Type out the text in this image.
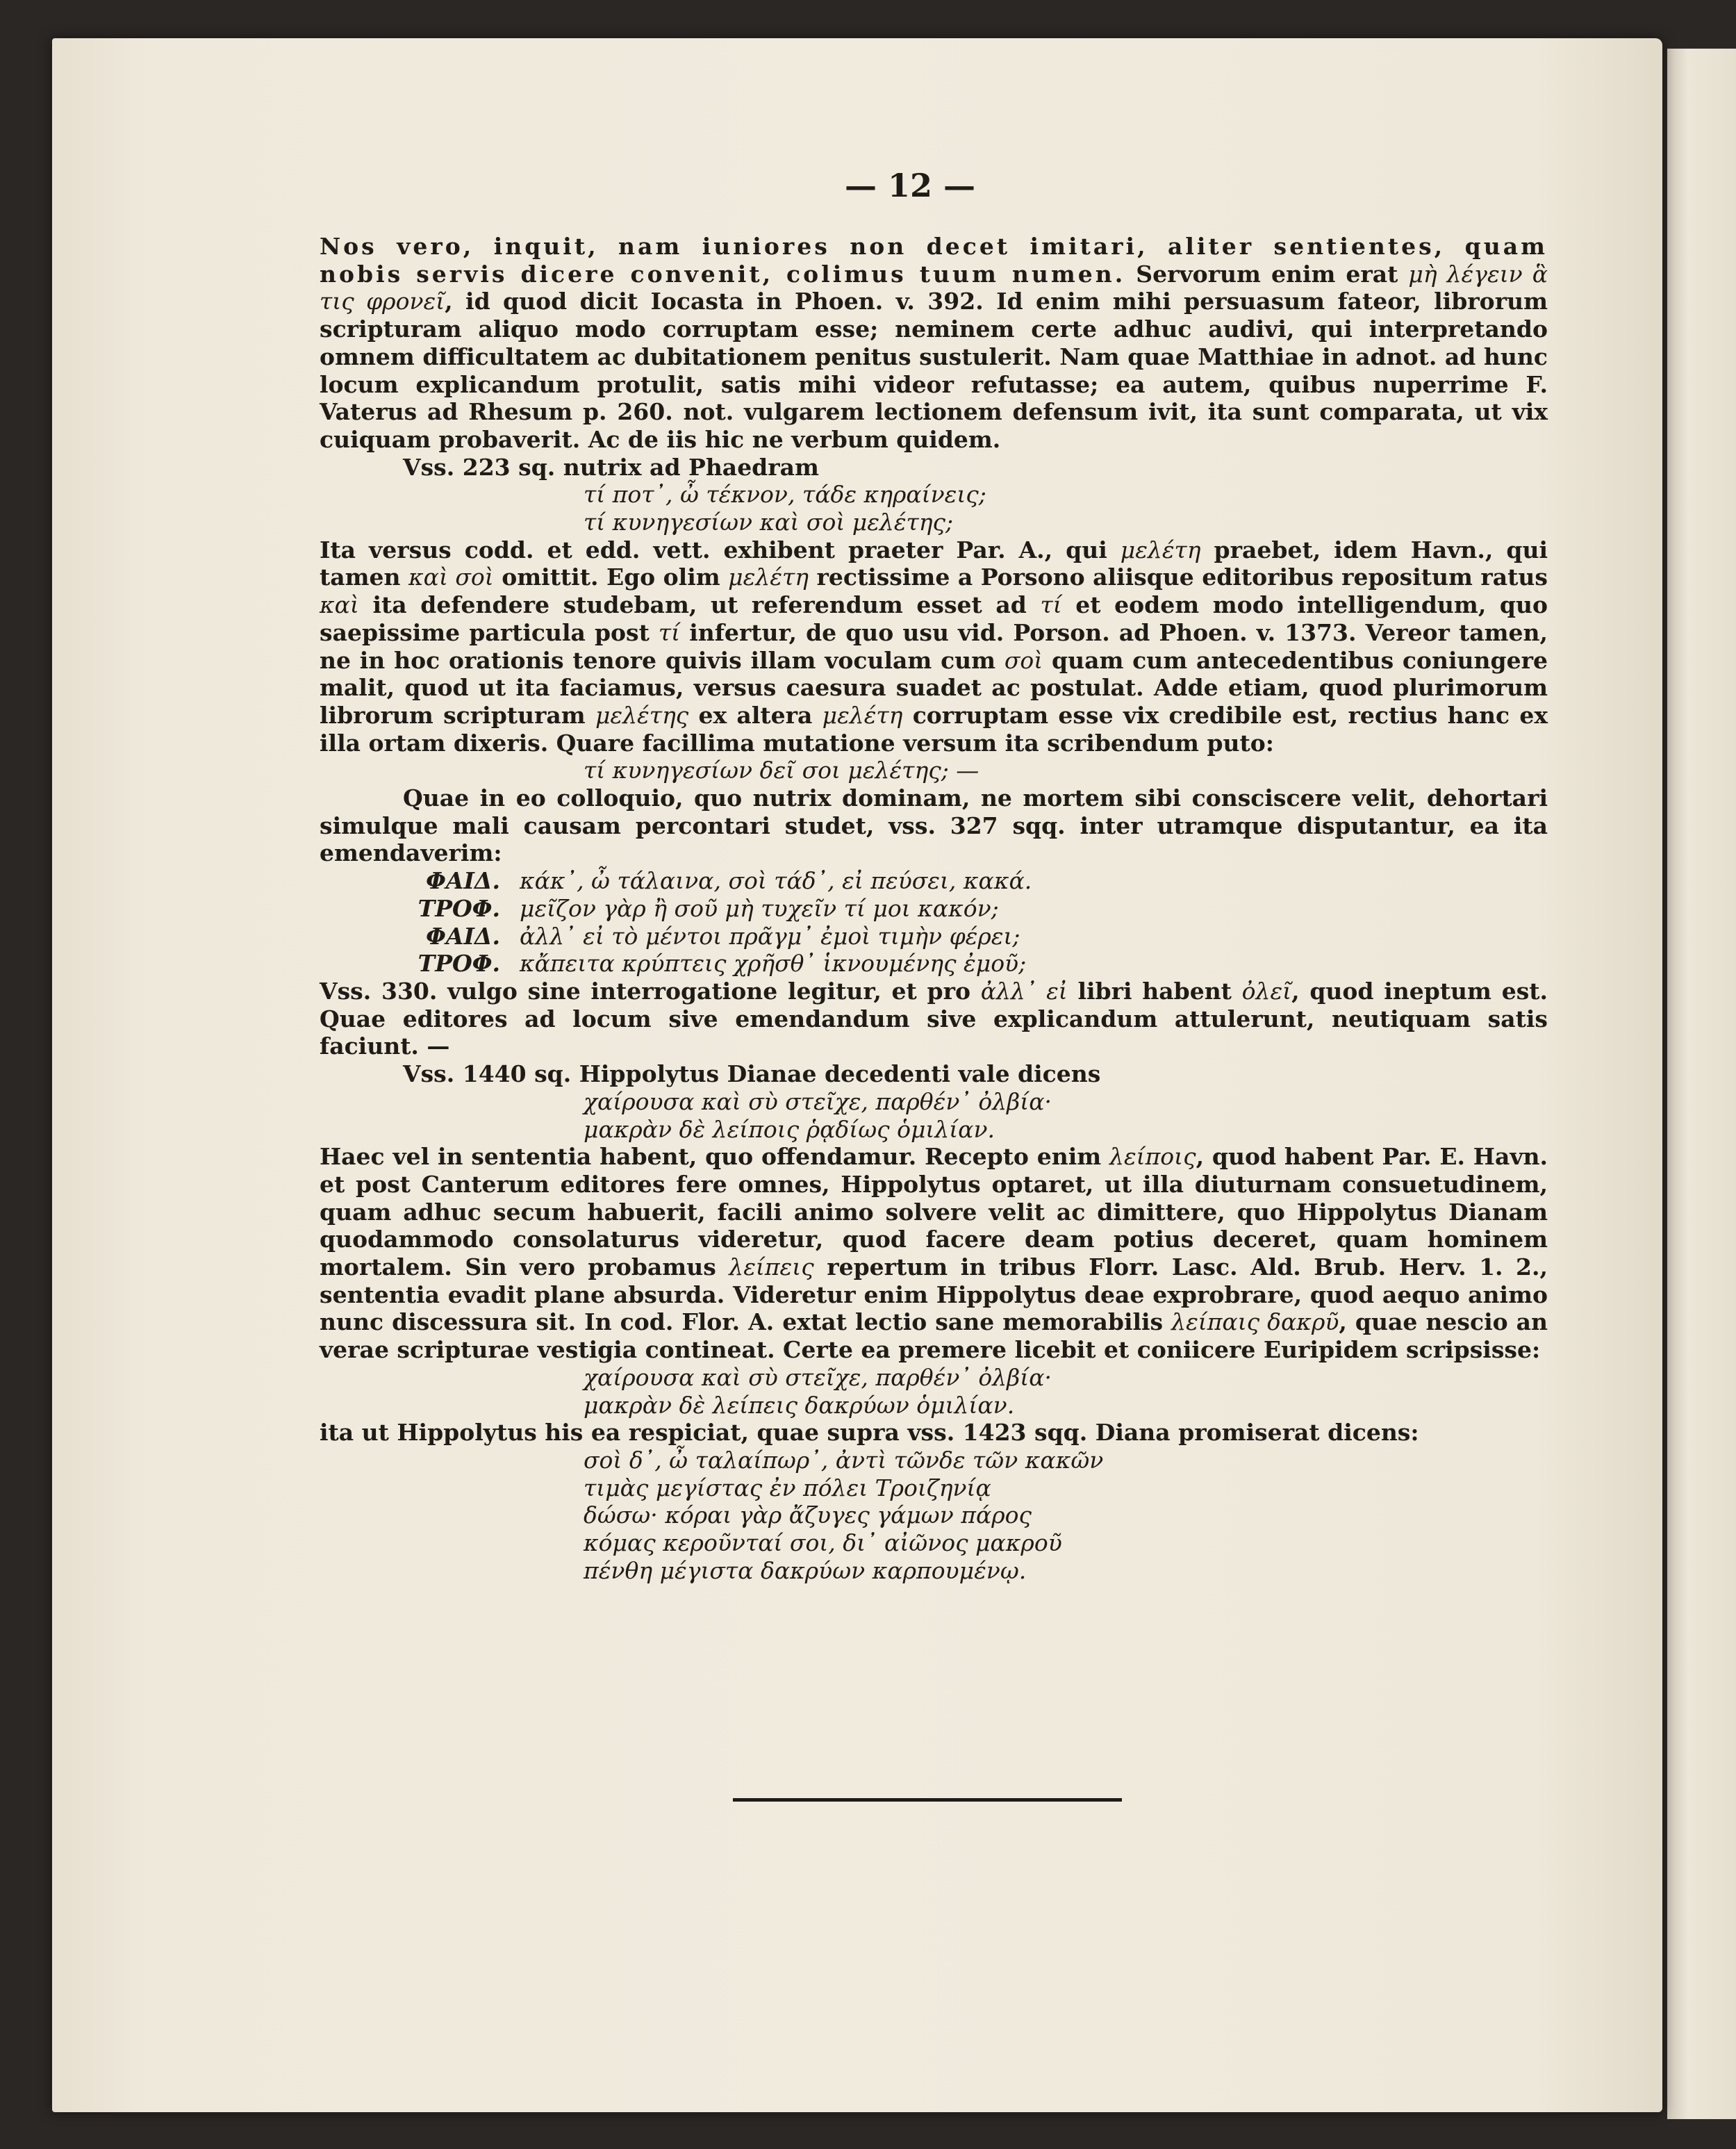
— 12 —

Nos vero, inquit, nam iuniores non decet imitari, aliter sentientes, quam nobis servis dicere convenit, colimus tuum numen. Servorum enim erat μὴ λέγειν ἃ τις φρονεῖ, id quod dicit Iocasta in Phoen. v. 392. Id enim mihi persuasum fateor, librorum scripturam aliquo modo corruptam esse; neminem certe adhuc audivi, qui interpretando omnem difficultatem ac dubitationem penitus sustulerit. Nam quae Matthiae in adnot. ad hunc locum explicandum protulit, satis mihi videor refutasse; ea autem, quibus nuperrime F. Vaterus ad Rhesum p. 260. not. vulgarem lectionem defensum ivit, ita sunt comparata, ut vix cuiquam probaverit. Ac de iis hic ne verbum quidem.

Vss. 223 sq. nutrix ad Phaedram

τί ποτ᾽, ὦ τέκνον, τάδε κηραίνεις;
τί κυνηγεσίων καὶ σοὶ μελέτης;

Ita versus codd. et edd. vett. exhibent praeter Par. A., qui μελέτη praebet, idem Havn., qui tamen καὶ σοὶ omittit. Ego olim μελέτη rectissime a Porsono aliisque editoribus repositum ratus καὶ ita defendere studebam, ut referendum esset ad τί et eodem modo intelligendum, quo saepissime particula post τί infertur, de quo usu vid. Porson. ad Phoen. v. 1373. Vereor tamen, ne in hoc orationis tenore quivis illam voculam cum σοὶ quam cum antecedentibus coniungere malit, quod ut ita faciamus, versus caesura suadet ac postulat. Adde etiam, quod plurimorum librorum scripturam μελέτης ex altera μελέτη corruptam esse vix credibile est, rectius hanc ex illa ortam dixeris. Quare facillima mutatione versum ita scribendum puto:

τί κυνηγεσίων δεῖ σοι μελέτης; —

Quae in eo colloquio, quo nutrix dominam, ne mortem sibi consciscere velit, dehortari simulque mali causam percontari studet, vss. 327 sqq. inter utramque disputantur, ea ita emendaverim:

ΦΑΙΔ. κάκ᾽, ὦ τάλαινα, σοὶ τάδ᾽, εἰ πεύσει, κακά.
ΤΡΟΦ. μεῖζον γὰρ ἢ σοῦ μὴ τυχεῖν τί μοι κακόν;
ΦΑΙΔ. ἀλλ᾽ εἰ τὸ μέντοι πρᾶγμ᾽ ἐμοὶ τιμὴν φέρει;
ΤΡΟΦ. κἄπειτα κρύπτεις χρῆσθ᾽ ἱκνουμένης ἐμοῦ;

Vss. 330. vulgo sine interrogatione legitur, et pro ἀλλ᾽ εἰ libri habent ὀλεῖ, quod ineptum est. Quae editores ad locum sive emendandum sive explicandum attulerunt, neutiquam satis faciunt. —

Vss. 1440 sq. Hippolytus Dianae decedenti vale dicens

χαίρουσα καὶ σὺ στεῖχε, παρθέν᾽ ὀλβία·
μακρὰν δὲ λείποις ῥᾳδίως ὁμιλίαν.

Haec vel in sententia habent, quo offendamur. Recepto enim λείποις, quod habent Par. E. Havn. et post Canterum editores fere omnes, Hippolytus optaret, ut illa diuturnam consuetudinem, quam adhuc secum habuerit, facili animo solvere velit ac dimittere, quo Hippolytus Dianam quodammodo consolaturus videretur, quod facere deam potius deceret, quam hominem mortalem. Sin vero probamus λείπεις repertum in tribus Florr. Lasc. Ald. Brub. Herv. 1. 2., sententia evadit plane absurda. Videretur enim Hippolytus deae exprobrare, quod aequo animo nunc discessura sit. In cod. Flor. A. extat lectio sane memorabilis λείπαις δακρῦ, quae nescio an verae scripturae vestigia contineat. Certe ea premere licebit et coniicere Euripidem scripsisse:

χαίρουσα καὶ σὺ στεῖχε, παρθέν᾽ ὀλβία·
μακρὰν δὲ λείπεις δακρύων ὁμιλίαν.

ita ut Hippolytus his ea respiciat, quae supra vss. 1423 sqq. Diana promiserat dicens:

σοὶ δ᾽, ὦ ταλαίπωρ᾽, ἀντὶ τῶνδε τῶν κακῶν
τιμὰς μεγίστας ἐν πόλει Τροιζηνίᾳ
δώσω· κόραι γὰρ ἄζυγες γάμων πάρος
κόμας κεροῦνταί σοι, δι᾽ αἰῶνος μακροῦ
πένθη μέγιστα δακρύων καρπουμένῳ.
